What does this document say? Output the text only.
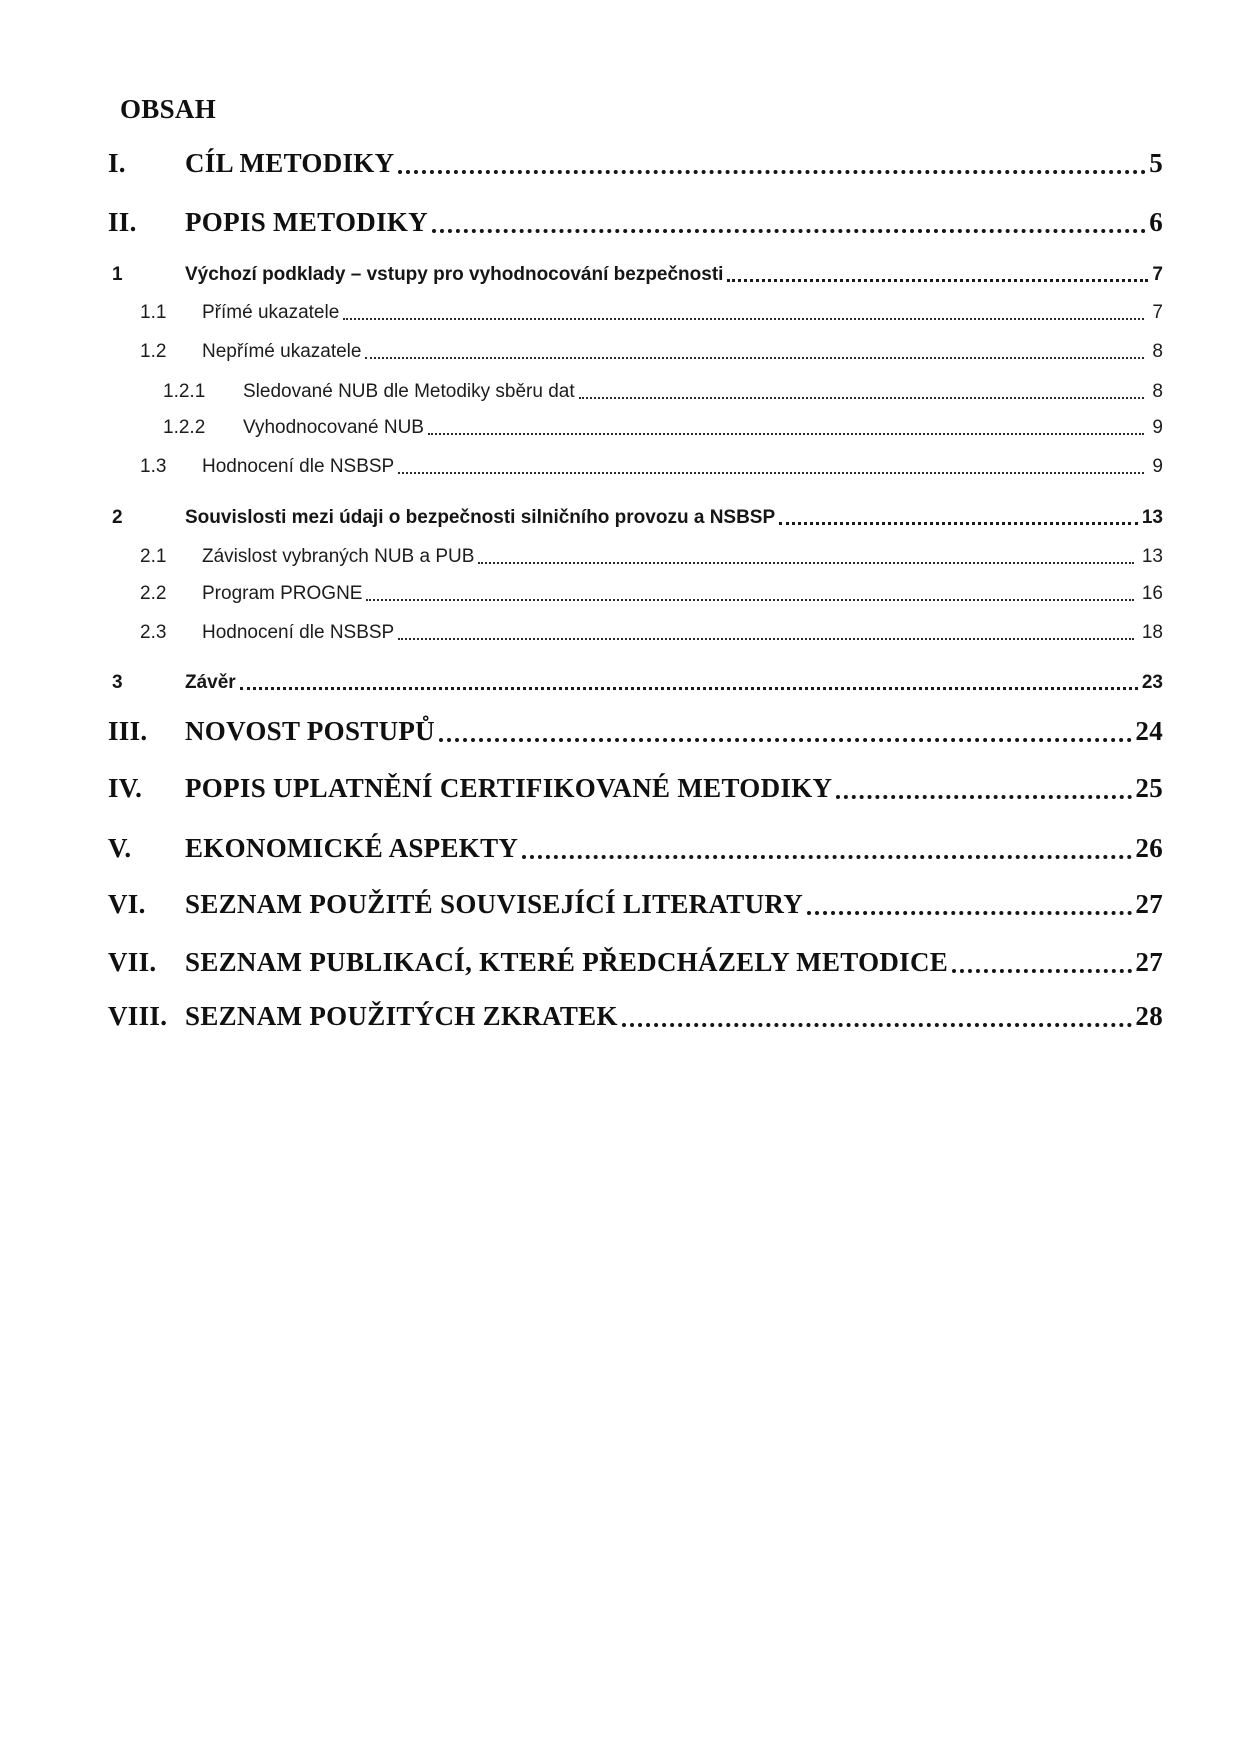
OBSAH
I.	CÍL METODIKY	5
II.	POPIS METODIKY	6
1	Výchozí podklady – vstupy pro vyhodnocování bezpečnosti	7
1.1	Přímé ukazatele	7
1.2	Nepřímé ukazatele	8
1.2.1	Sledované NUB dle Metodiky sběru dat	8
1.2.2	Vyhodnocované NUB	9
1.3	Hodnocení dle NSBSP	9
2	Souvislosti mezi údaji o bezpečnosti silničního provozu a NSBSP	13
2.1	Závislost vybraných NUB a PUB	13
2.2	Program PROGNE	16
2.3	Hodnocení dle NSBSP	18
3	Závěr	23
III.	NOVOST POSTUPŮ	24
IV.	POPIS UPLATNĚNÍ CERTIFIKOVANÉ METODIKY	25
V.	EKONOMICKÉ ASPEKTY	26
VI.	SEZNAM POUŽITÉ SOUVISEJÍCÍ LITERATURY	27
VII.	SEZNAM PUBLIKACÍ, KTERÉ PŘEDCHÁZELY METODICE	27
VIII. SEZNAM POUŽITÝCH ZKRATEK	28
